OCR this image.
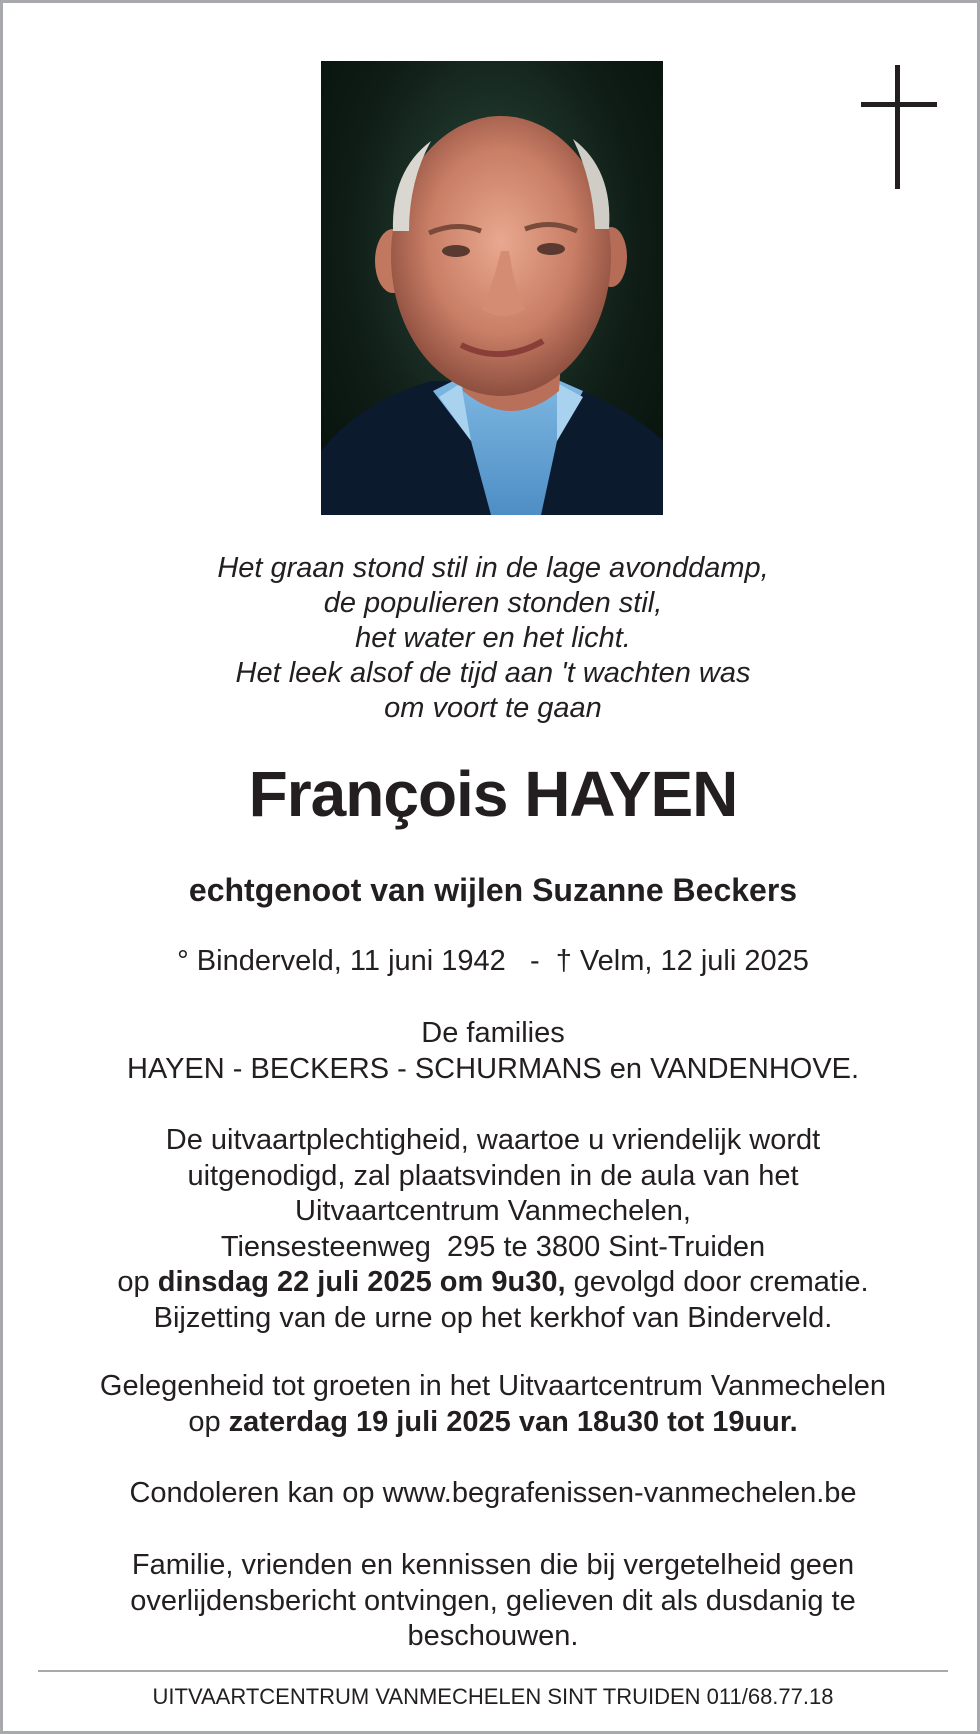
Het graan stond stil in de lage avonddamp,
de populieren stonden stil,
het water en het licht.
Het leek alsof de tijd aan 't wachten was
om voort te gaan
François HAYEN
echtgenoot van wijlen Suzanne Beckers
° Binderveld, 11 juni 1942   -  † Velm, 12 juli 2025
De families
HAYEN - BECKERS - SCHURMANS en VANDENHOVE.
De uitvaartplechtigheid, waartoe u vriendelijk wordt
uitgenodigd, zal plaatsvinden in de aula van het
Uitvaartcentrum Vanmechelen,
Tiensesteenweg  295 te 3800 Sint-Truiden
op dinsdag 22 juli 2025 om 9u30, gevolgd door crematie.
Bijzetting van de urne op het kerkhof van Binderveld.
Gelegenheid tot groeten in het Uitvaartcentrum Vanmechelen
op zaterdag 19 juli 2025 van 18u30 tot 19uur.
Condoleren kan op www.begrafenissen-vanmechelen.be
Familie, vrienden en kennissen die bij vergetelheid geen
overlijdensbericht ontvingen, gelieven dit als dusdanig te
beschouwen.
UITVAARTCENTRUM VANMECHELEN SINT TRUIDEN 011/68.77.18
